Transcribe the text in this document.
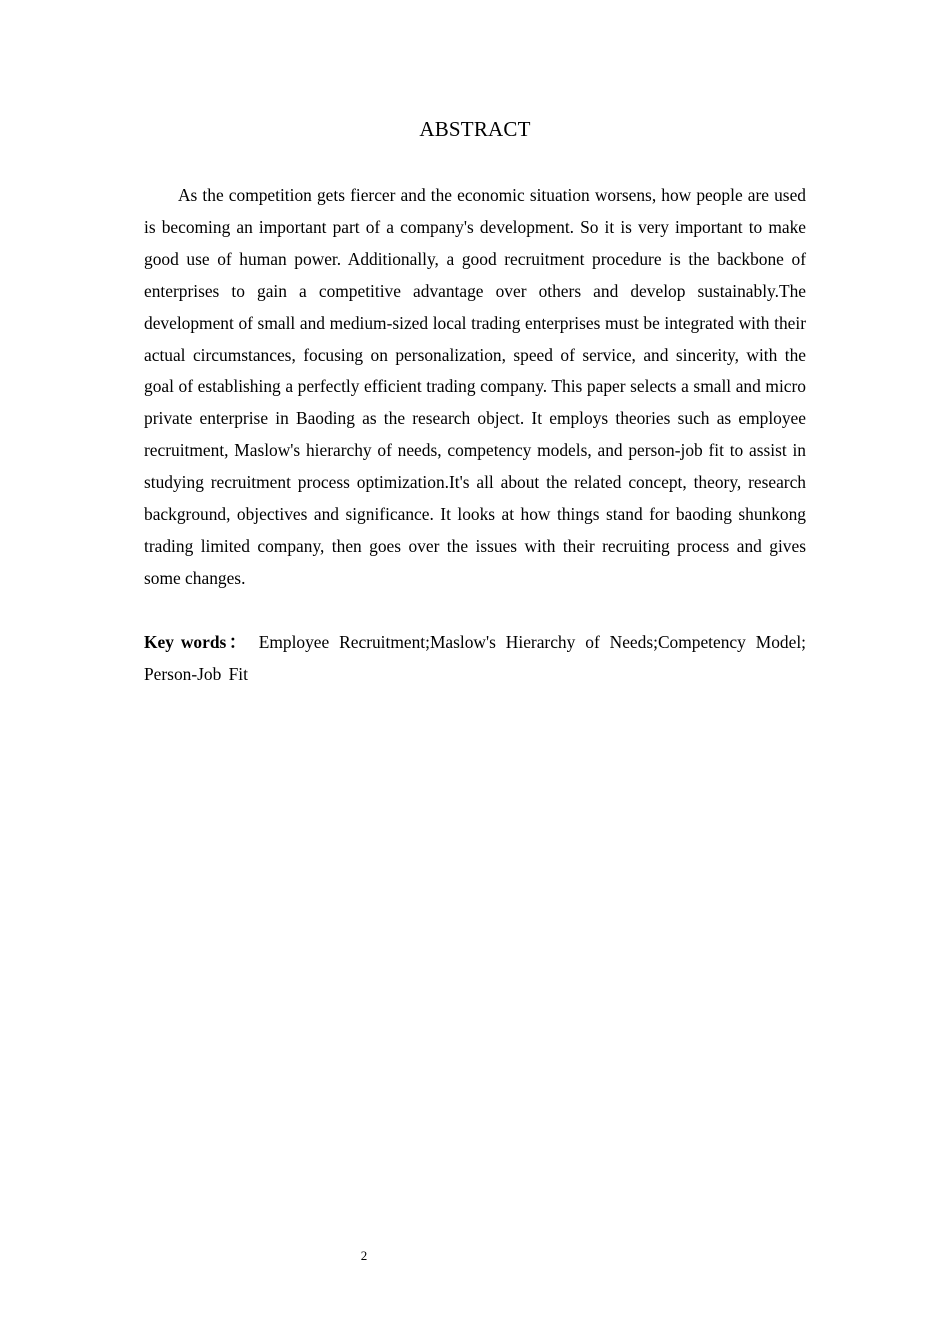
ABSTRACT

As the competition gets fiercer and the economic situation worsens, how people are used is becoming an important part of a company's development. So it is very important to make good use of human power. Additionally, a good recruitment procedure is the backbone of enterprises to gain a competitive advantage over others and develop sustainably.The development of small and medium-sized local trading enterprises must be integrated with their actual circumstances, focusing on personalization, speed of service, and sincerity, with the goal of establishing a perfectly efficient trading company. This paper selects a small and micro private enterprise in Baoding as the research object. It employs theories such as employee recruitment, Maslow's hierarchy of needs, competency models, and person-job fit to assist in studying recruitment process optimization.It's all about the related concept, theory, research background, objectives and significance. It looks at how things stand for baoding shunkong trading limited company, then goes over the issues with their recruiting process and gives some changes.

Key words： Employee Recruitment;Maslow's Hierarchy of Needs;Competency Model; Person-Job Fit
2
